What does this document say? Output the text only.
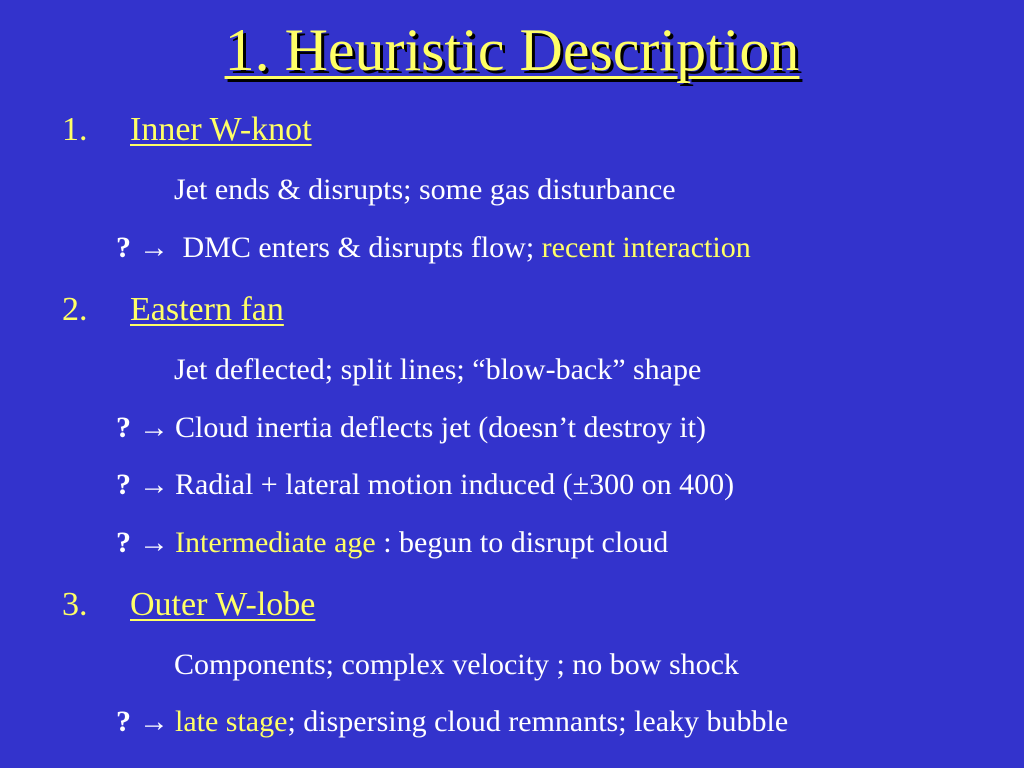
1. Heuristic Description
1. Inner W-knot
Jet ends & disrupts; some gas disturbance
? → DMC enters & disrupts flow; recent interaction
2. Eastern fan
Jet deflected; split lines; “blow-back” shape
? → Cloud inertia deflects jet (doesn’t destroy it)
? → Radial + lateral motion induced (±300 on 400)
? → Intermediate age : begun to disrupt cloud
3. Outer W-lobe
Components; complex velocity ; no bow shock
? → late stage; dispersing cloud remnants; leaky bubble
